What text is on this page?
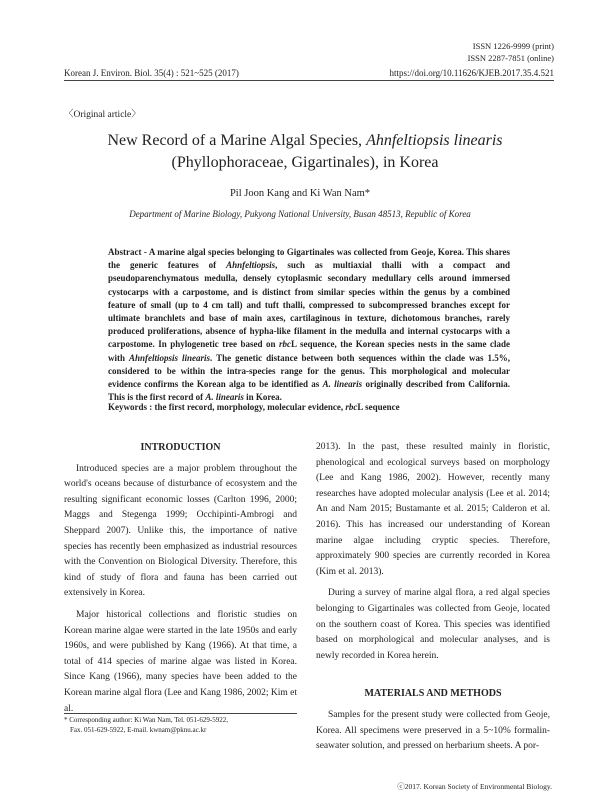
ISSN 1226-9999 (print)
ISSN 2287-7851 (online)
Korean J. Environ. Biol. 35(4) : 521~525 (2017)	https://doi.org/10.11626/KJEB.2017.35.4.521
〈Original article〉
New Record of a Marine Algal Species, Ahnfeltiopsis linearis
(Phyllophoraceae, Gigartinales), in Korea
Pil Joon Kang and Ki Wan Nam*
Department of Marine Biology, Pukyong National University, Busan 48513, Republic of Korea
Abstract - A marine algal species belonging to Gigartinales was collected from Geoje, Korea. This shares the generic features of Ahnfeltiopsis, such as multiaxial thalli with a compact and pseudoparenchymatous medulla, densely cytoplasmic secondary medullary cells around immersed cystocarps with a carpostome, and is distinct from similar species within the genus by a combined feature of small (up to 4 cm tall) and tuft thalli, compressed to subcompressed branches except for ultimate branchlets and base of main axes, cartilaginous in texture, dichotomous branches, rarely produced proliferations, absence of hypha-like filament in the medulla and internal cystocarps with a carpostome. In phylogenetic tree based on rbcL sequence, the Korean species nests in the same clade with Ahnfeltiopsis linearis. The genetic distance between both sequences within the clade was 1.5%, considered to be within the intra-species range for the genus. This morphological and molecular evidence confirms the Korean alga to be identified as A. linearis originally described from California. This is the first record of A. linearis in Korea.
Keywords : the first record, morphology, molecular evidence, rbcL sequence

INTRODUCTION

Introduced species are a major problem throughout the world's oceans because of disturbance of ecosystem and the resulting significant economic losses (Carlton 1996, 2000; Maggs and Stegenga 1999; Occhipinti-Ambrogi and Sheppard 2007). Unlike this, the importance of native species has recently been emphasized as industrial resources with the Convention on Biological Diversity. Therefore, this kind of study of flora and fauna has been carried out extensively in Korea.

Major historical collections and floristic studies on Korean marine algae were started in the late 1950s and early 1960s, and were published by Kang (1966). At that time, a total of 414 species of marine algae was listed in Korea. Since Kang (1966), many species have been added to the Korean marine algal flora (Lee and Kang 1986, 2002; Kim et al.

2013). In the past, these resulted mainly in floristic, phenological and ecological surveys based on morphology (Lee and Kang 1986, 2002). However, recently many researches have adopted molecular analysis (Lee et al. 2014; An and Nam 2015; Bustamante et al. 2015; Calderon et al. 2016). This has increased our understanding of Korean marine algae including cryptic species. Therefore, approximately 900 species are currently recorded in Korea (Kim et al. 2013).

During a survey of marine algal flora, a red algal species belonging to Gigartinales was collected from Geoje, located on the southern coast of Korea. This species was identified based on morphological and molecular analyses, and is newly recorded in Korea herein.

MATERIALS AND METHODS

Samples for the present study were collected from Geoje, Korea. All specimens were preserved in a 5~10% formalin-seawater solution, and pressed on herbarium sheets. A por-

* Corresponding author: Ki Wan Nam, Tel. 051-629-5922,
Fax. 051-629-5922, E-mail. kwnam@pknu.ac.kr
ⓒ2017. Korean Society of Environmental Biology.
